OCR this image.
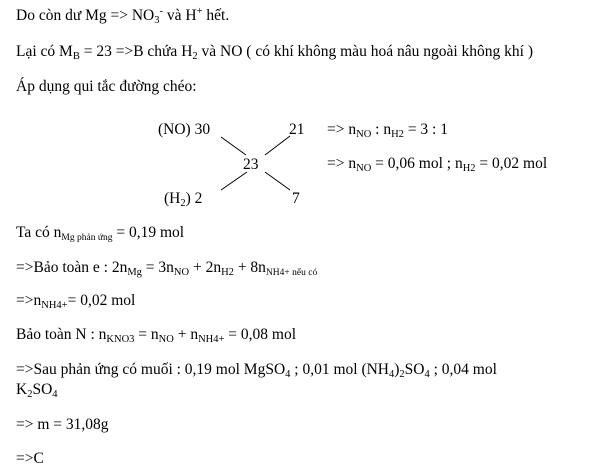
Do còn dư $Mg => NO_3^-$ và H+ hết.
Lại có $M_B = 23 =>B$ chứa $H_2$ và NO ( có khí không màu hoá nâu ngoài không khí )
Áp dụng qui tắc đường chéo:
(NO) 30	21
23
$(H_2)$ 2	7
=> $n_{NO}$ : $n_{H2} = 3$ : 1
=> $n_{NO} = 0,06$ mol ; $n_{H2} = 0,02$ mol
Ta có $n_{Mg phản ứng} = 0,19$ mol
=>Bảo toàn e : $2n_{Mg} = 3n_{NO} + 2n_{H2} + 8n_{NH4+ nếu có}$
$=>n_{NH4+}= 0,02$ mol
Bảo toàn N : $n_{KNO3} = n_{NO} + n_{NH4+} = 0,08$ mol
=>Sau phản ứng có muối : 0,19 mol MgSO$_4$ ; 0,01 mol $(NH_4)_2SO_4$ ; 0,04 mol
$K_2SO_4$
=> m = 31,08g
=>C
